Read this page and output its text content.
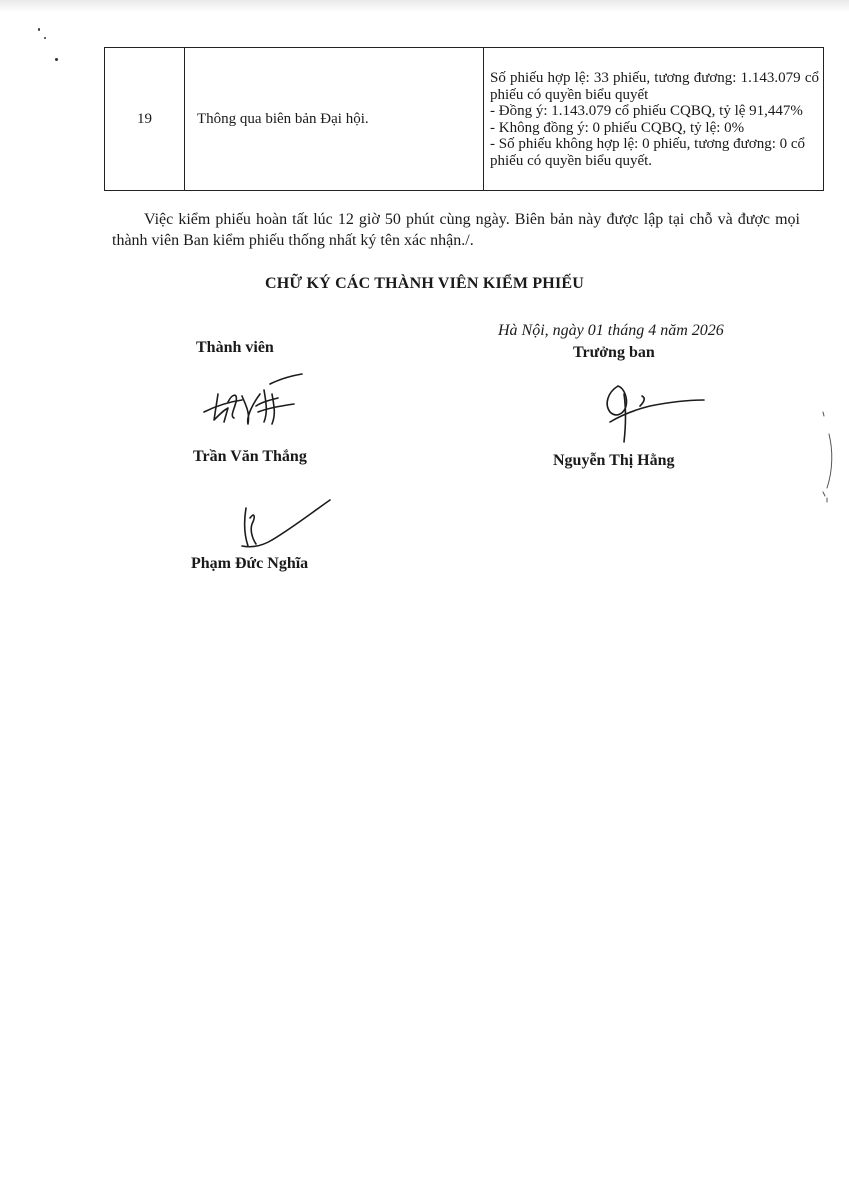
19	Thông qua biên bản Đại hội.	
Số phiếu hợp lệ: 33 phiếu, tương đương: 1.143.079 cổ phiếu có quyền biểu quyết
- Đồng ý: 1.143.079 cổ phiếu CQBQ, tỷ lệ 91,447%
- Không đồng ý: 0 phiếu CQBQ, tỷ lệ: 0%
- Số phiếu không hợp lệ: 0 phiếu, tương đương: 0 cổ phiếu có quyền biểu quyết.

Việc kiểm phiếu hoàn tất lúc 12 giờ 50 phút cùng ngày. Biên bản này được lập tại chỗ và được mọi thành viên Ban kiểm phiếu thống nhất ký tên xác nhận./.

CHỮ KÝ CÁC THÀNH VIÊN KIỂM PHIẾU

Hà Nội, ngày 01 tháng 4 năm 2026

Thành viên	Trưởng ban

Trần Văn Thắng	Nguyễn Thị Hằng

Phạm Đức Nghĩa
